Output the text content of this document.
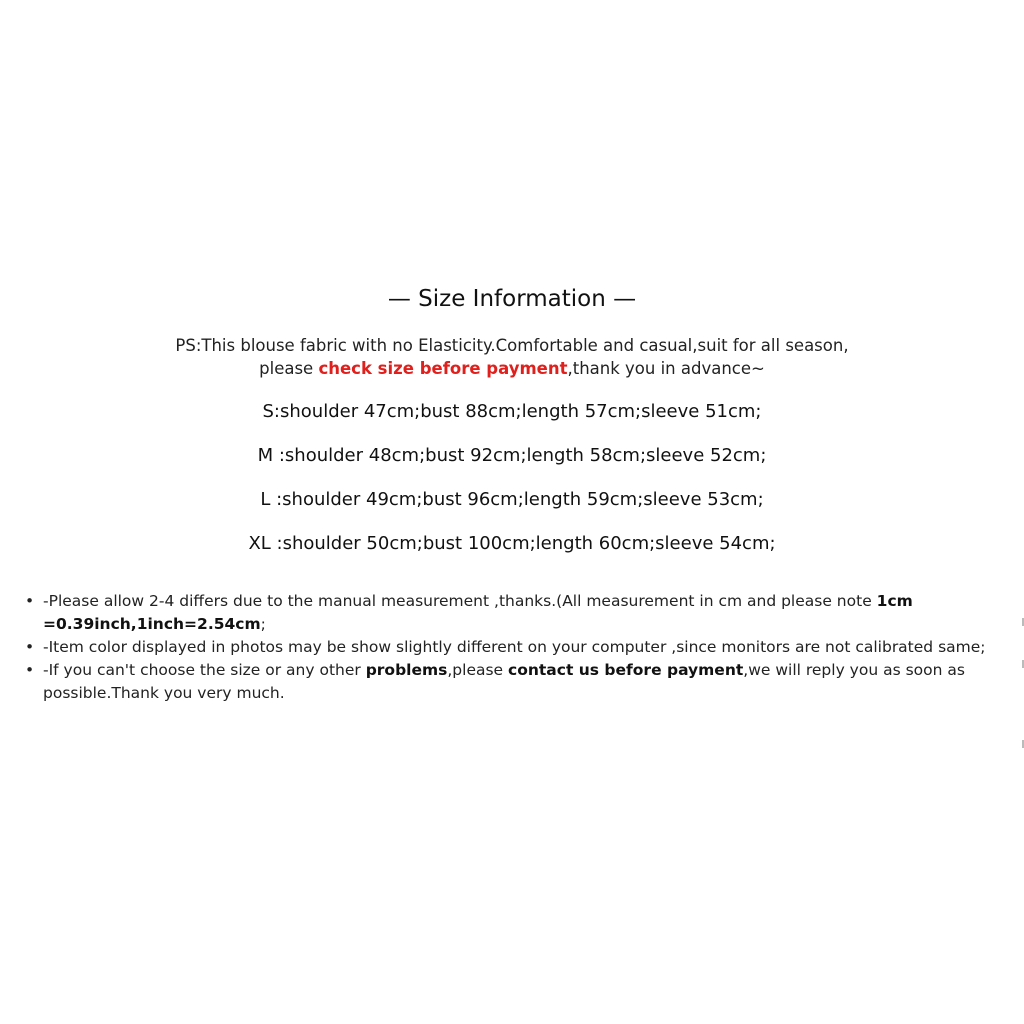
— Size Information —
PS:This blouse fabric with no Elasticity.Comfortable and casual,suit for all season,
please check size before payment,thank you in advance~
S:shoulder 47cm;bust 88cm;length 57cm;sleeve 51cm;
M :shoulder 48cm;bust 92cm;length 58cm;sleeve 52cm;
L :shoulder 49cm;bust 96cm;length 59cm;sleeve 53cm;
XL :shoulder 50cm;bust 100cm;length 60cm;sleeve 54cm;
• -Please allow 2-4 differs due to the manual measurement ,thanks.(All measurement in cm and please note 1cm =0.39inch,1inch=2.54cm;
• -Item color displayed in photos may be show slightly different on your computer ,since monitors are not calibrated same;
• -If you can't choose the size or any other problems,please contact us before payment,we will reply you as soon as possible.Thank you very much.
